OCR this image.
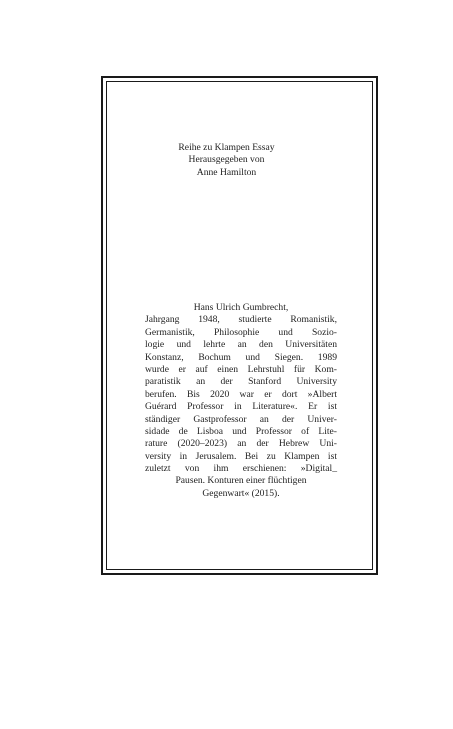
Reihe zu Klampen Essay
Herausgegeben von
Anne Hamilton
Hans Ulrich Gumbrecht,
Jahrgang 1948, studierte Romanistik,
Germanistik, Philosophie und Sozio-
logie und lehrte an den Universitäten
Konstanz, Bochum und Siegen. 1989
wurde er auf einen Lehrstuhl für Kom-
paratistik an der Stanford University
berufen. Bis 2020 war er dort »Albert
Guérard Professor in Literature«. Er ist
ständiger Gastprofessor an der Univer-
sidade de Lisboa und Professor of Lite-
rature (2020–2023) an der Hebrew Uni-
versity in Jerusalem. Bei zu Klampen ist
zuletzt von ihm erschienen: »Digital_
Pausen. Konturen einer flüchtigen
Gegenwart« (2015).
